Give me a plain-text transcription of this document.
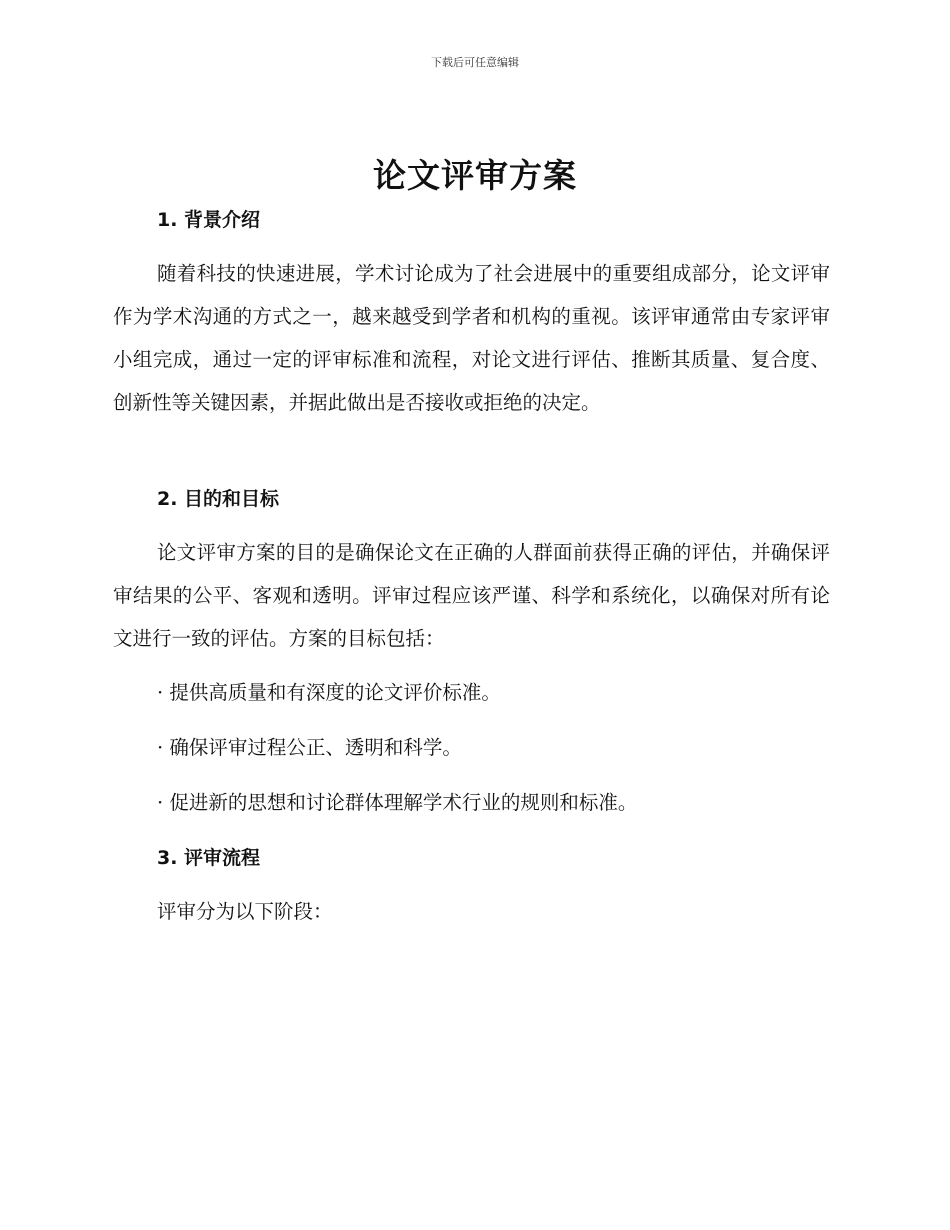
下载后可任意编辑
论文评审方案
1. 背景介绍

随着科技的快速进展，学术讨论成为了社会进展中的重要组成部分，论文评审作为学术沟通的方式之一，越来越受到学者和机构的重视。该评审通常由专家评审小组完成，通过一定的评审标准和流程，对论文进行评估、推断其质量、复合度、创新性等关键因素，并据此做出是否接收或拒绝的决定。

2. 目的和目标

论文评审方案的目的是确保论文在正确的人群面前获得正确的评估，并确保评审结果的公平、客观和透明。评审过程应该严谨、科学和系统化，以确保对所有论文进行一致的评估。方案的目标包括：

· 提供高质量和有深度的论文评价标准。
· 确保评审过程公正、透明和科学。
· 促进新的思想和讨论群体理解学术行业的规则和标准。
3. 评审流程

评审分为以下阶段：
